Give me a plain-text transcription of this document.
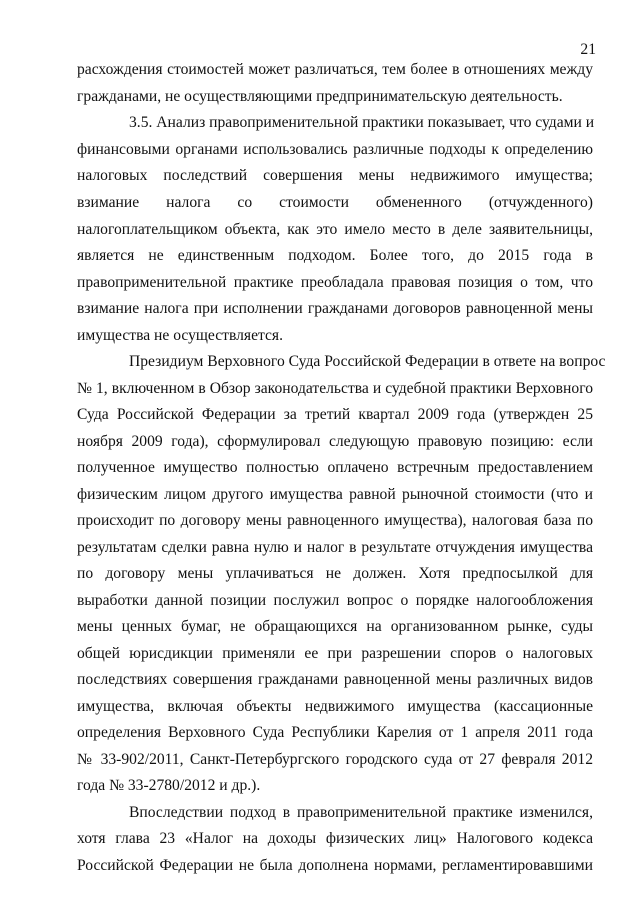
21
расхождения стоимостей может различаться, тем более в отношениях между
гражданами, не осуществляющими предпринимательскую деятельность.
3.5. Анализ правоприменительной практики показывает, что судами и
финансовыми органами использовались различные подходы к определению
налоговых последствий совершения мены недвижимого имущества;
взимание налога со стоимости обмененного (отчужденного)
налогоплательщиком объекта, как это имело место в деле заявительницы,
является не единственным подходом. Более того, до 2015 года в
правоприменительной практике преобладала правовая позиция о том, что
взимание налога при исполнении гражданами договоров равноценной мены
имущества не осуществляется.
Президиум Верховного Суда Российской Федерации в ответе на вопрос
№ 1, включенном в Обзор законодательства и судебной практики Верховного
Суда Российской Федерации за третий квартал 2009 года (утвержден 25
ноября 2009 года), сформулировал следующую правовую позицию: если
полученное имущество полностью оплачено встречным предоставлением
физическим лицом другого имущества равной рыночной стоимости (что и
происходит по договору мены равноценного имущества), налоговая база по
результатам сделки равна нулю и налог в результате отчуждения имущества
по договору мены уплачиваться не должен. Хотя предпосылкой для
выработки данной позиции послужил вопрос о порядке налогообложения
мены ценных бумаг, не обращающихся на организованном рынке, суды
общей юрисдикции применяли ее при разрешении споров о налоговых
последствиях совершения гражданами равноценной мены различных видов
имущества, включая объекты недвижимого имущества (кассационные
определения Верховного Суда Республики Карелия от 1 апреля 2011 года
№ 33-902/2011, Санкт-Петербургского городского суда от 27 февраля 2012
года № 33-2780/2012 и др.).
Впоследствии подход в правоприменительной практике изменился,
хотя глава 23 «Налог на доходы физических лиц» Налогового кодекса
Российской Федерации не была дополнена нормами, регламентировавшими
